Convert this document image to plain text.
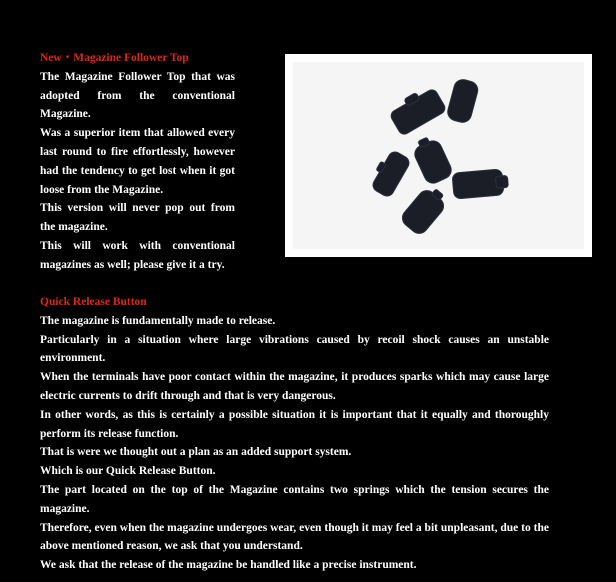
New・Magazine Follower Top
The Magazine Follower Top that was adopted from the conventional Magazine.
Was a superior item that allowed every last round to fire effortlessly, however had the tendency to get lost when it got loose from the Magazine.
This version will never pop out from the magazine.
This will work with conventional magazines as well; please give it a try.
Quick Release Button
The magazine is fundamentally made to release.
Particularly in a situation where large vibrations caused by recoil shock causes an unstable environment.
When the terminals have poor contact within the magazine, it produces sparks which may cause large electric currents to drift through and that is very dangerous.
In other words, as this is certainly a possible situation it is important that it equally and thoroughly perform its release function.
That is were we thought out a plan as an added support system.
Which is our Quick Release Button.
The part located on the top of the Magazine contains two springs which the tension secures the magazine.
Therefore, even when the magazine undergoes wear, even though it may feel a bit unpleasant, due to the above mentioned reason, we ask that you understand.
We ask that the release of the magazine be handled like a precise instrument.
